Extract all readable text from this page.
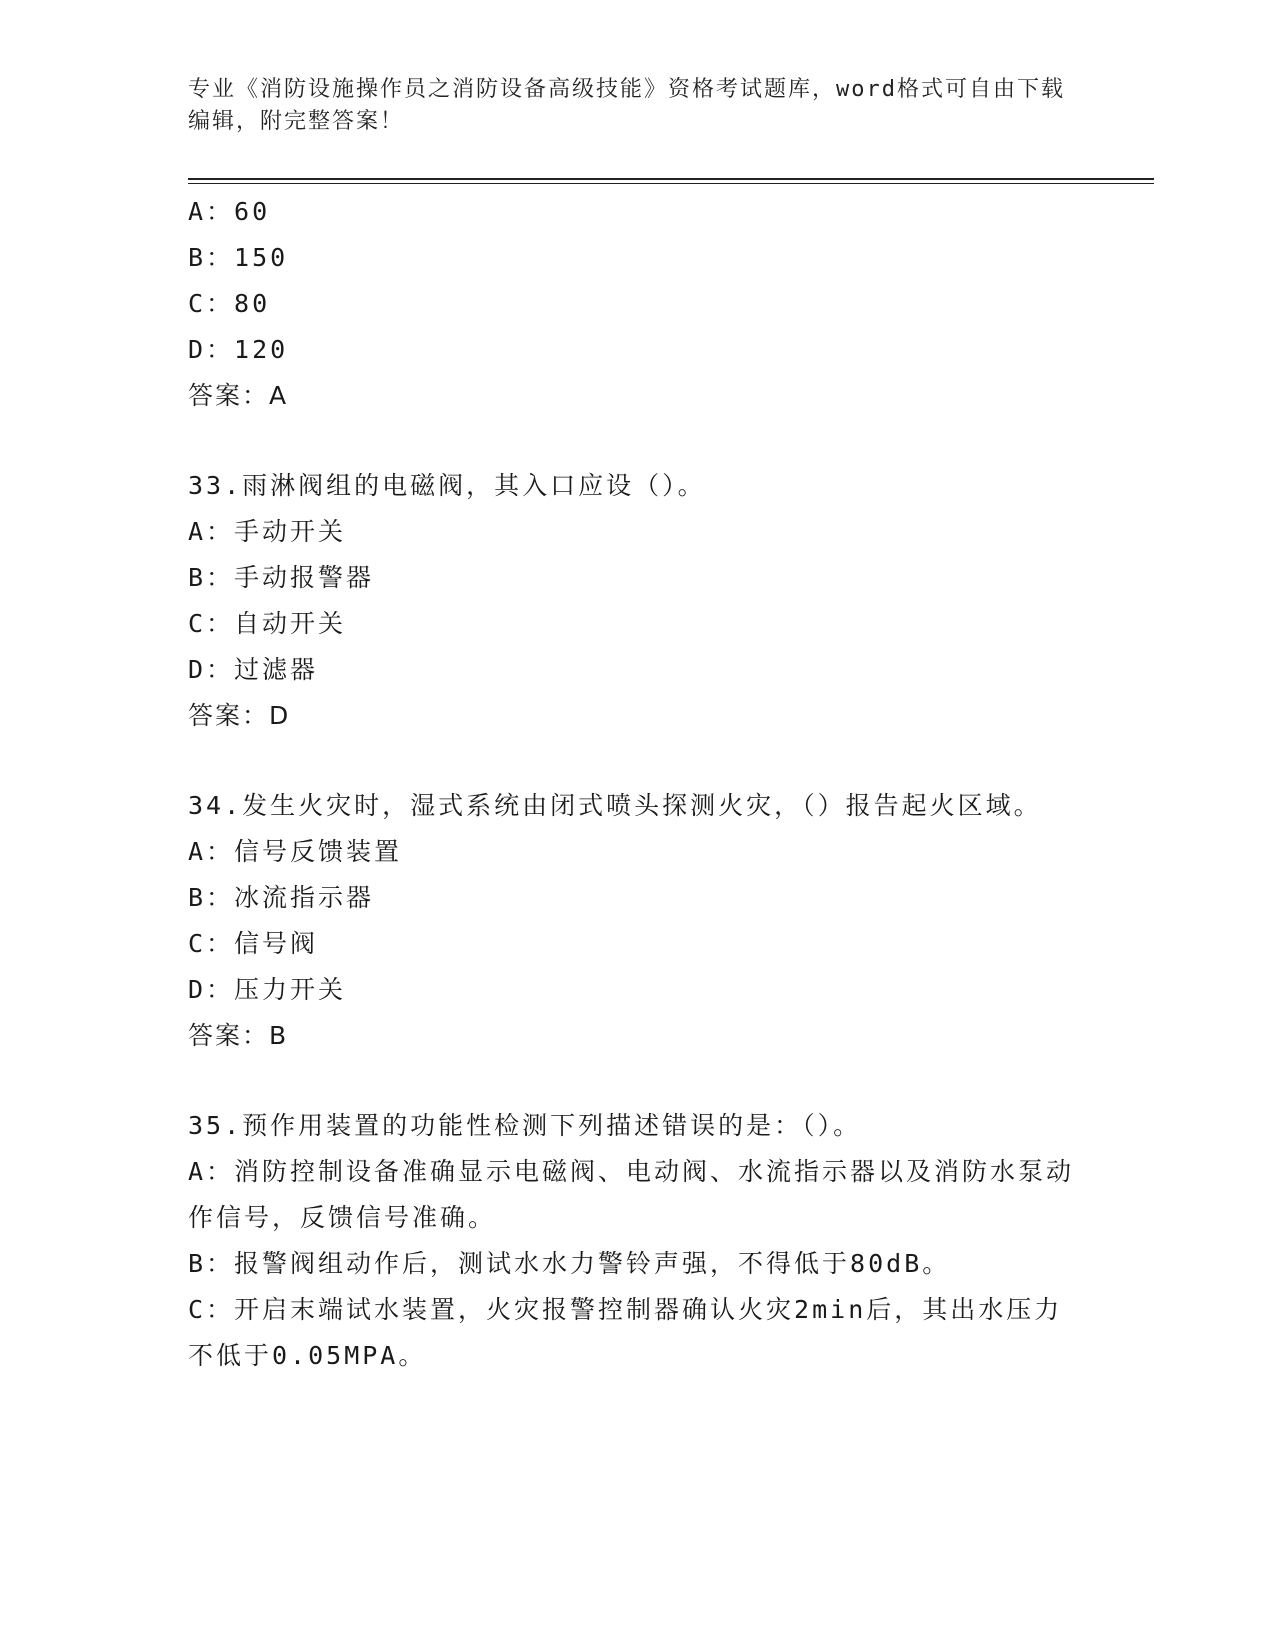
专业《消防设施操作员之消防设备高级技能》资格考试题库，word格式可自由下载编辑，附完整答案！

A：60

B：150

C：80

D：120

答案：A

33.雨淋阀组的电磁阀，其入口应设（）。

A：手动开关

B：手动报警器

C：自动开关

D：过滤器

答案：D

34.发生火灾时，湿式系统由闭式喷头探测火灾，（）报告起火区域。

A：信号反馈装置

B：冰流指示器

C：信号阀

D：压力开关

答案：B

35.预作用装置的功能性检测下列描述错误的是：（）。

A：消防控制设备准确显示电磁阀、电动阀、水流指示器以及消防水泵动作信号，反馈信号准确。

B：报警阀组动作后，测试水水力警铃声强，不得低于80dB。

C：开启末端试水装置，火灾报警控制器确认火灾2min后，其出水压力不低于0.05MPA。
